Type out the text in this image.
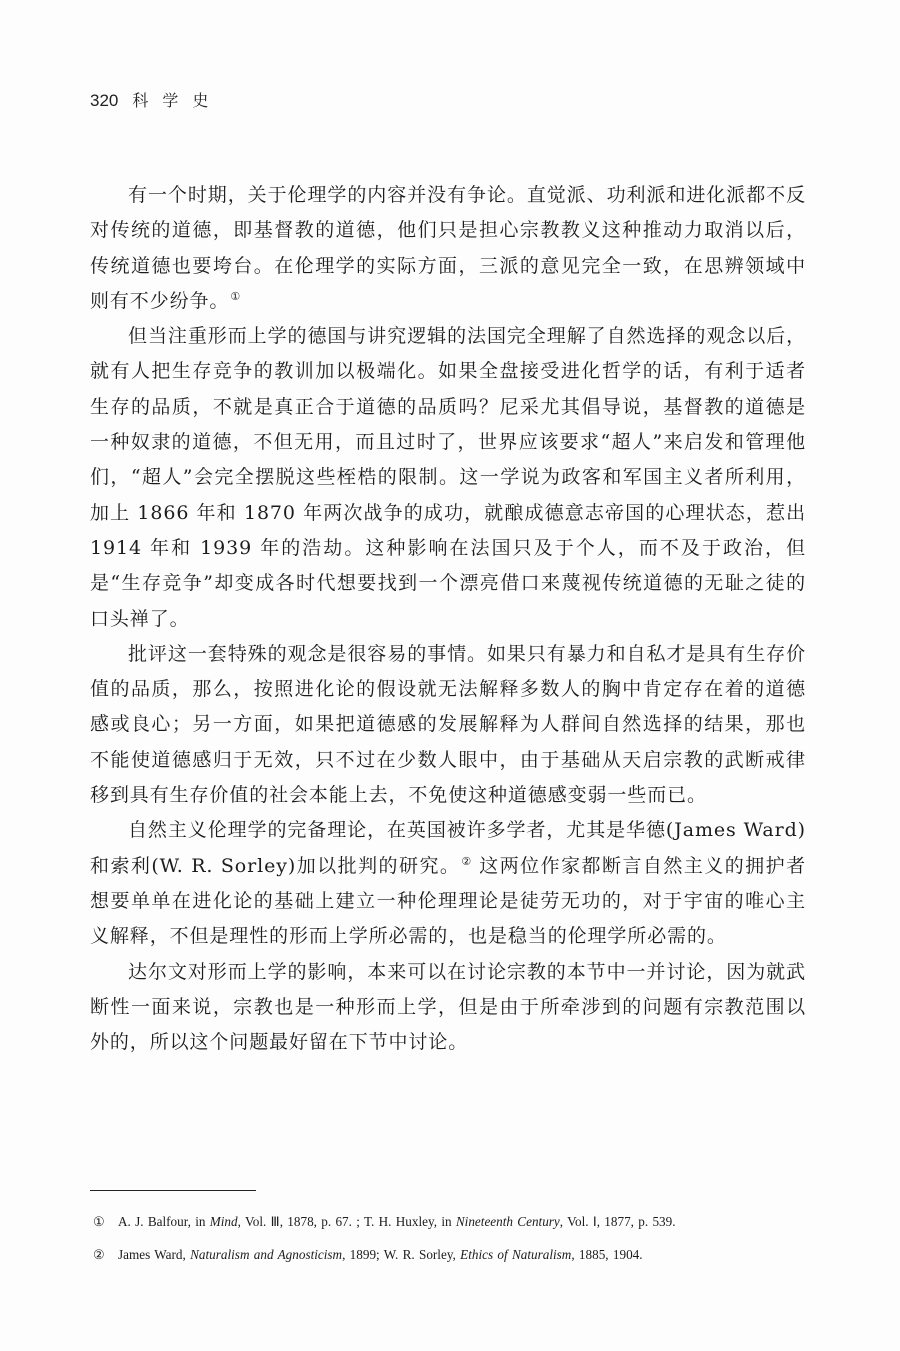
320 科学史

有一个时期，关于伦理学的内容并没有争论。直觉派、功利派和进化派都不反对传统的道德，即基督教的道德，他们只是担心宗教教义这种推动力取消以后，传统道德也要垮台。在伦理学的实际方面，三派的意见完全一致，在思辨领域中则有不少纷争。①

但当注重形而上学的德国与讲究逻辑的法国完全理解了自然选择的观念以后，就有人把生存竞争的教训加以极端化。如果全盘接受进化哲学的话，有利于适者生存的品质，不就是真正合于道德的品质吗？尼采尤其倡导说，基督教的道德是一种奴隶的道德，不但无用，而且过时了，世界应该要求“超人”来启发和管理他们，“超人”会完全摆脱这些桎梏的限制。这一学说为政客和军国主义者所利用，加上 1866 年和 1870 年两次战争的成功，就酿成德意志帝国的心理状态，惹出 1914 年和 1939 年的浩劫。这种影响在法国只及于个人，而不及于政治，但是“生存竞争”却变成各时代想要找到一个漂亮借口来蔑视传统道德的无耻之徒的口头禅了。

批评这一套特殊的观念是很容易的事情。如果只有暴力和自私才是具有生存价值的品质，那么，按照进化论的假设就无法解释多数人的胸中肯定存在着的道德感或良心；另一方面，如果把道德感的发展解释为人群间自然选择的结果，那也不能使道德感归于无效，只不过在少数人眼中，由于基础从天启宗教的武断戒律移到具有生存价值的社会本能上去，不免使这种道德感变弱一些而已。

自然主义伦理学的完备理论，在英国被许多学者，尤其是华德(James Ward)和索利(W. R. Sorley)加以批判的研究。② 这两位作家都断言自然主义的拥护者想要单单在进化论的基础上建立一种伦理理论是徒劳无功的，对于宇宙的唯心主义解释，不但是理性的形而上学所必需的，也是稳当的伦理学所必需的。

达尔文对形而上学的影响，本来可以在讨论宗教的本节中一并讨论，因为就武断性一面来说，宗教也是一种形而上学，但是由于所牵涉到的问题有宗教范围以外的，所以这个问题最好留在下节中讨论。

① A. J. Balfour, in Mind, Vol. Ⅲ, 1878, p. 67. ; T. H. Huxley, in Nineteenth Century, Vol. Ⅰ, 1877, p. 539.

② James Ward, Naturalism and Agnosticism, 1899; W. R. Sorley, Ethics of Naturalism, 1885, 1904.
